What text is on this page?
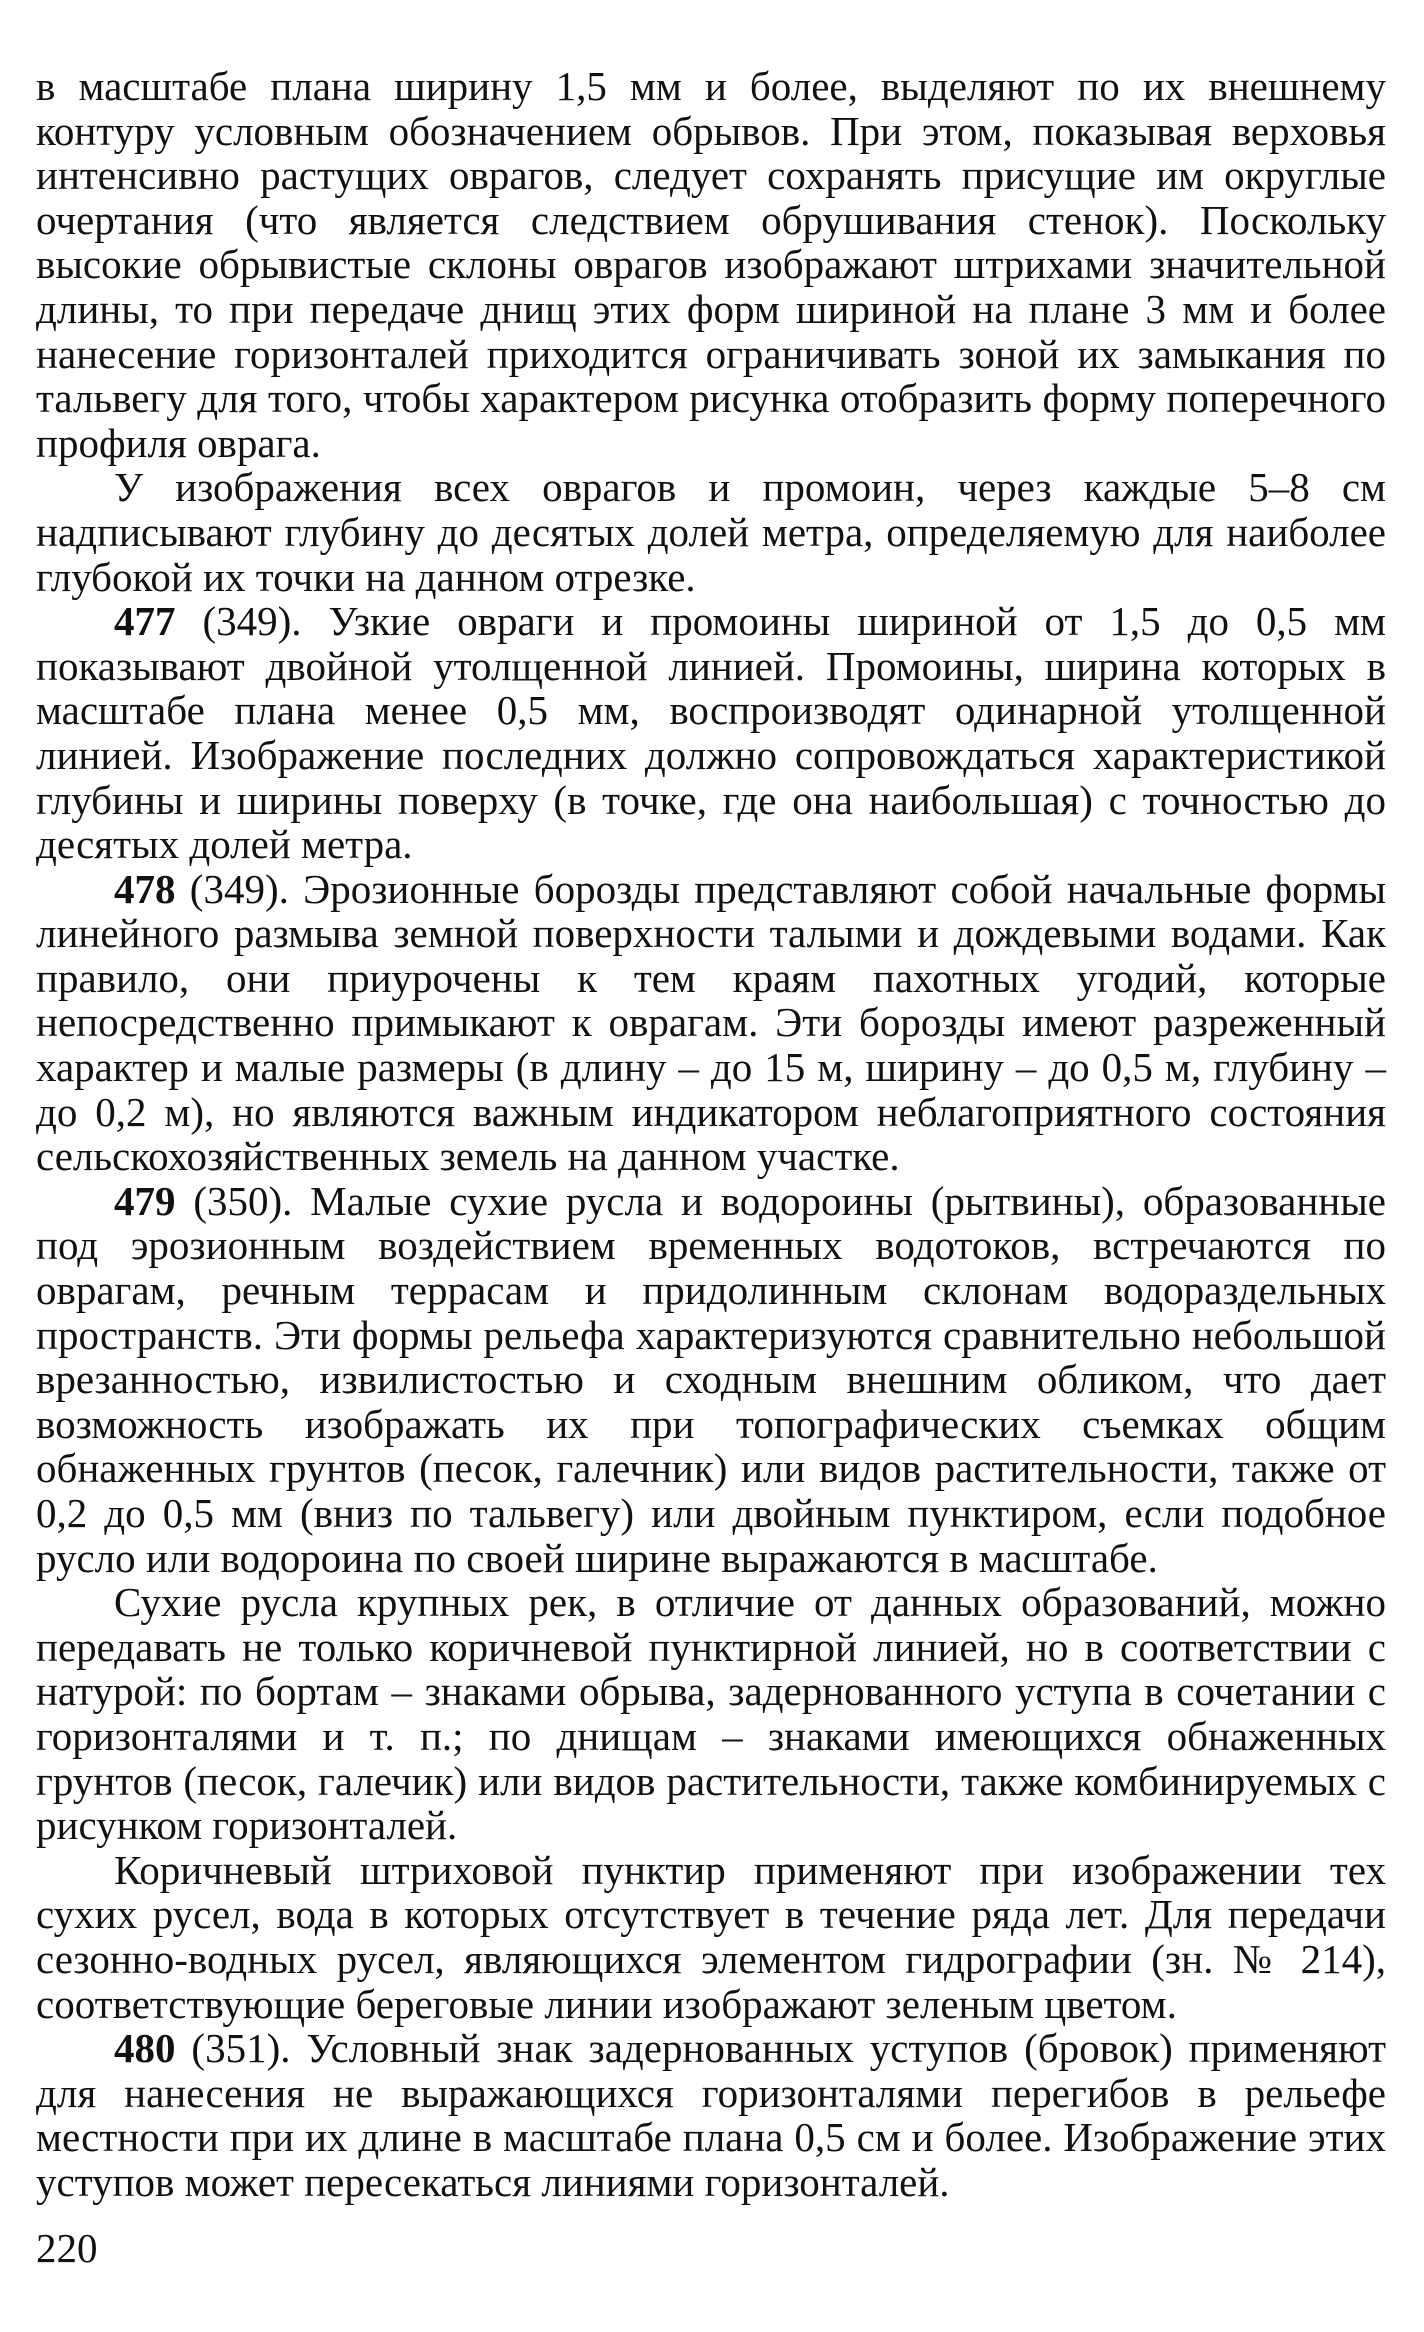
в масштабе плана ширину 1,5 мм и более, выделяют по их внешнему контуру условным обозначением обрывов. При этом, показывая верховья интенсивно растущих оврагов, следует сохранять присущие им округлые очертания (что является следствием обрушивания стенок). Поскольку высокие обрывистые склоны оврагов изображают штрихами значительной длины, то при передаче днищ этих форм шириной на плане 3 мм и более нанесение горизонталей приходится ограничивать зоной их замыкания по тальвегу для того, чтобы характером рисунка отобразить форму поперечного профиля оврага.

У изображения всех оврагов и промоин, через каждые 5–8 см надписывают глубину до десятых долей метра, определяемую для наиболее глубокой их точки на данном отрезке.

477 (349). Узкие овраги и промоины шириной от 1,5 до 0,5 мм показывают двойной утолщенной линией. Промоины, ширина которых в масштабе плана менее 0,5 мм, воспроизводят одинарной утолщенной линией. Изображение последних должно сопровождаться характеристикой глубины и ширины поверху (в точке, где она наибольшая) с точностью до десятых долей метра.

478 (349). Эрозионные борозды представляют собой начальные формы линейного размыва земной поверхности талыми и дождевыми водами. Как правило, они приурочены к тем краям пахотных угодий, которые непосредственно примыкают к оврагам. Эти борозды имеют разреженный характер и малые размеры (в длину – до 15 м, ширину – до 0,5 м, глубину – до 0,2 м), но являются важным индикатором неблагоприятного состояния сельскохозяйственных земель на данном участке.

479 (350). Малые сухие русла и водороины (рытвины), образованные под эрозионным воздействием временных водотоков, встречаются по оврагам, речным террасам и придолинным склонам водораздельных пространств. Эти формы рельефа характеризуются сравнительно небольшой врезанностью, извилистостью и сходным внешним обликом, что дает возможность изображать их при топографических съемках общим обнаженных грунтов (песок, галечник) или видов растительности, также от 0,2 до 0,5 мм (вниз по тальвегу) или двойным пунктиром, если подобное русло или водороина по своей ширине выражаются в масштабе.

Сухие русла крупных рек, в отличие от данных образований, можно передавать не только коричневой пунктирной линией, но в соответствии с натурой: по бортам – знаками обрыва, задернованного уступа в сочетании с горизонталями и т. п.; по днищам – знаками имеющихся обнаженных грунтов (песок, галечик) или видов растительности, также комбинируемых с рисунком горизонталей.

Коричневый штриховой пунктир применяют при изображении тех сухих русел, вода в которых отсутствует в течение ряда лет. Для передачи сезонно-водных русел, являющихся элементом гидрографии (зн. № 214), соответствующие береговые линии изображают зеленым цветом.

480 (351). Условный знак задернованных уступов (бровок) применяют для нанесения не выражающихся горизонталями перегибов в рельефе местности при их длине в масштабе плана 0,5 см и более. Изображение этих уступов может пересекаться линиями горизонталей.

220
